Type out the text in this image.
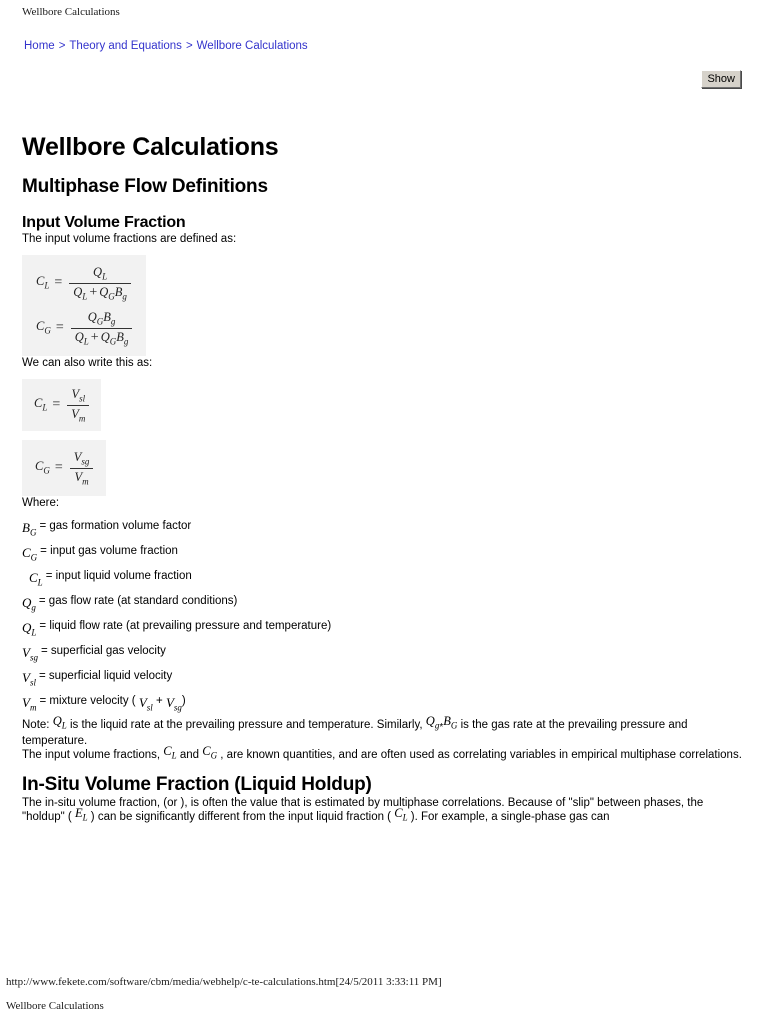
Wellbore Calculations
Home > Theory and Equations > Wellbore Calculations
Show
Wellbore Calculations
Multiphase Flow Definitions
Input Volume Fraction

The input volume fractions are defined as:

$C_L = \frac{Q_L}{Q_L + Q_GB_g}$
$C_G = \frac{Q_GB_g}{Q_L + Q_GB_g}$

We can also write this as:

$C_L = \frac{V_{sl}}{V_m}$
$C_G = \frac{V_{sg}}{V_m}$

Where:

$B_G=$ gas formation volume factor
$C_G=$ input gas volume fraction
$C_L=$ input liquid volume fraction
$Q_g=$ gas flow rate (at standard conditions)
$Q_L=$ liquid flow rate (at prevailing pressure and temperature)
$V_{sg}=$ superficial gas velocity
$V_{sl}=$ superficial liquid velocity
$V_m=$ mixture velocity ( $V_{sl} + V_{sg}$)

Note: $Q_L$ is the liquid rate at the prevailing pressure and temperature. Similarly, $Q_g*B_G$ is the gas rate at the prevailing pressure and temperature.

The input volume fractions, $C_L$ and $C_G$ , are known quantities, and are often used as correlating variables in empirical multiphase correlations.

In-Situ Volume Fraction (Liquid Holdup)

The in-situ volume fraction, (or ), is often the value that is estimated by multiphase correlations. Because of "slip" between phases, the "holdup" ( $E_L$ ) can be significantly different from the input liquid fraction ( $C_L$ ). For example, a single-phase gas can

http://www.fekete.com/software/cbm/media/webhelp/c-te-calculations.htm[24/5/2011 3:33:11 PM]
Wellbore Calculations
